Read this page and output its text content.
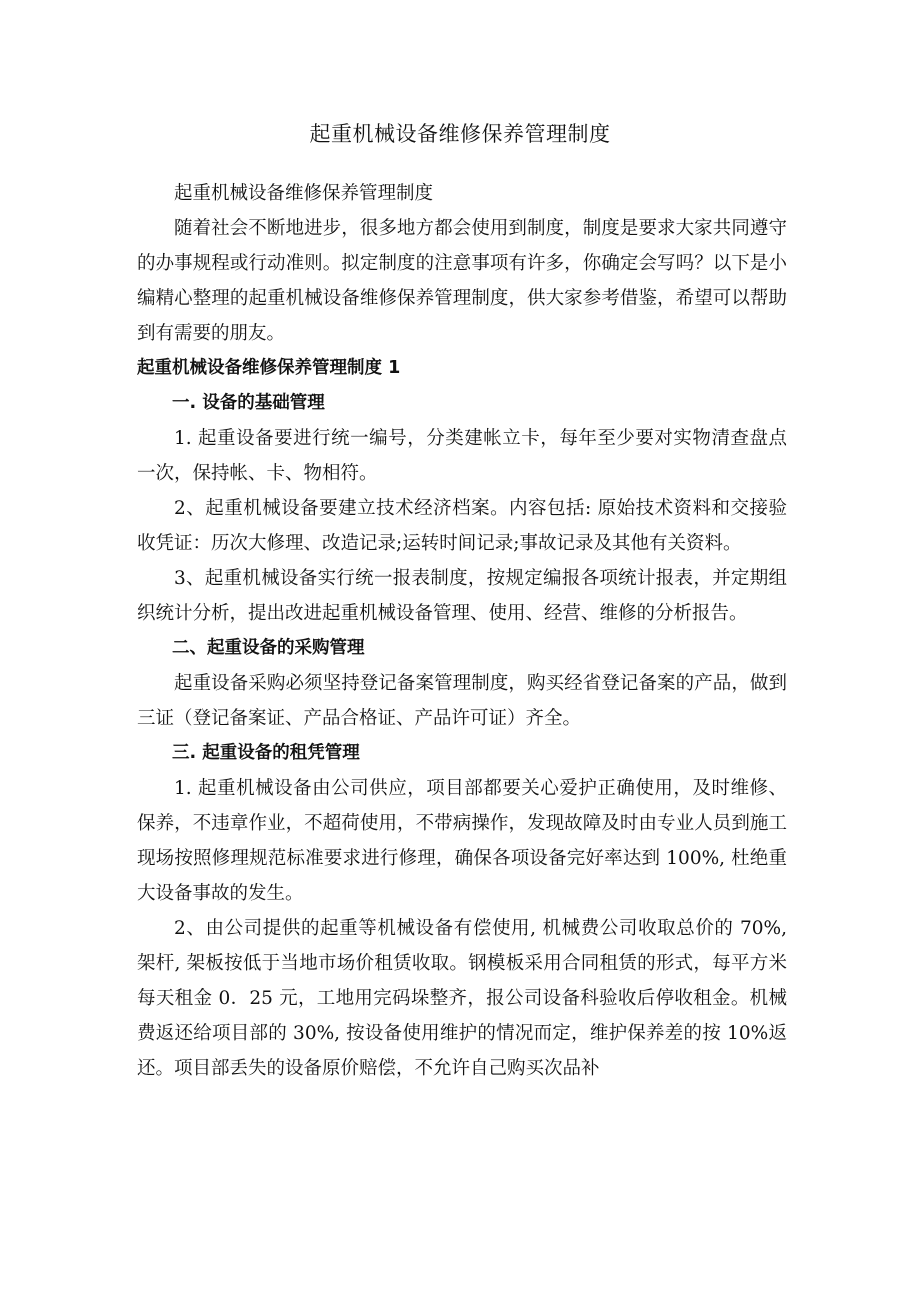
起重机械设备维修保养管理制度

起重机械设备维修保养管理制度

随着社会不断地进步，很多地方都会使用到制度，制度是要求大家共同遵守的办事规程或行动准则。拟定制度的注意事项有许多，你确定会写吗？以下是小编精心整理的起重机械设备维修保养管理制度，供大家参考借鉴，希望可以帮助到有需要的朋友。

起重机械设备维修保养管理制度 1
一. 设备的基础管理

1. 起重设备要进行统一编号，分类建帐立卡，每年至少要对实物清查盘点一次，保持帐、卡、物相符。

2、起重机械设备要建立技术经济档案。内容包括: 原始技术资料和交接验收凭证：历次大修理、改造记录;运转时间记录;事故记录及其他有关资料。

3、起重机械设备实行统一报表制度，按规定编报各项统计报表，并定期组织统计分析，提出改进起重机械设备管理、使用、经营、维修的分析报告。

二、起重设备的采购管理

起重设备采购必须坚持登记备案管理制度，购买经省登记备案的产品，做到三证（登记备案证、产品合格证、产品许可证）齐全。

三. 起重设备的租凭管理

1. 起重机械设备由公司供应，项目部都要关心爱护正确使用，及时维修、保养，不违章作业，不超荷使用，不带病操作，发现故障及时由专业人员到施工现场按照修理规范标准要求进行修理，确保各项设备完好率达到 100%, 杜绝重大设备事故的发生。

2、由公司提供的起重等机械设备有偿使用, 机械费公司收取总价的 70%, 架杆, 架板按低于当地市场价租赁收取。钢模板采用合同租赁的形式，每平方米每天租金 0．25 元，工地用完码垛整齐，报公司设备科验收后停收租金。机械费返还给项目部的 30%, 按设备使用维护的情况而定，维护保养差的按 10%返还。项目部丢失的设备原价赔偿，不允许自己购买次品补
